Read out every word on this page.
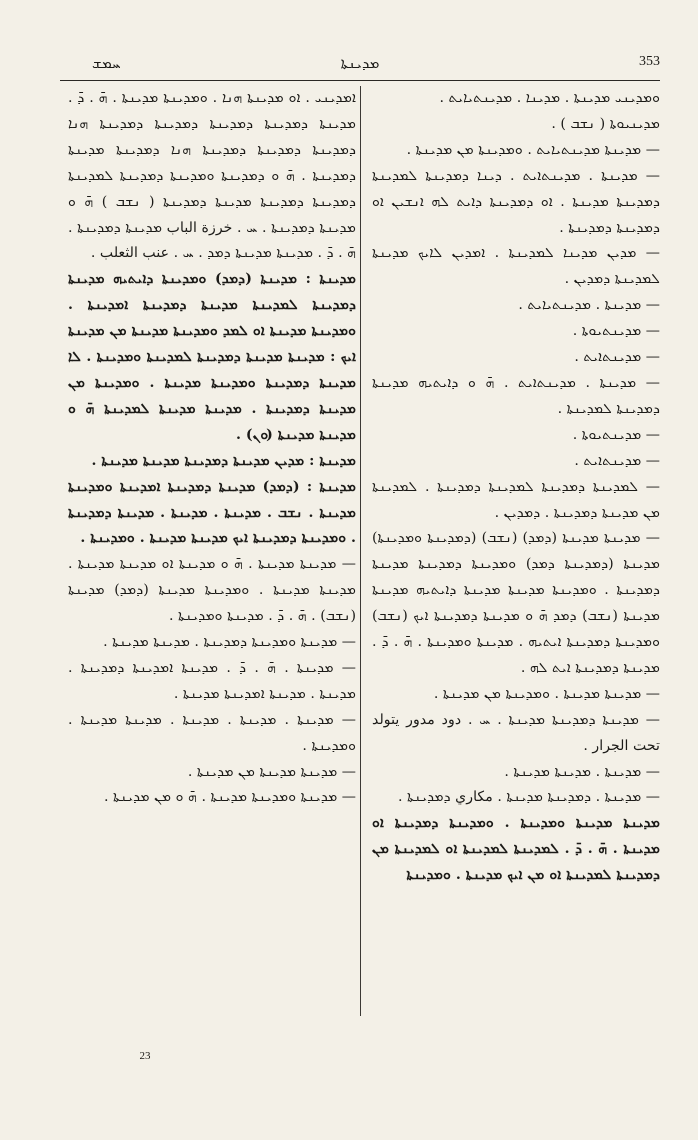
ܚܡܫ	ܡܕܝܢܬܐ	353

ܘܡܕܝܢܝ ܡܕܝܢܬܐ . ܡܕܝܢܐ . ܡܕܝܢܬܝܐܝܬ .

ܡܕܝܢܝܘܬܐ ( ܢܫܒ ) .

— ܡܕܝܢܬܐ ܡܕܝܢܬܝܐܝܬ . ܘܡܕܝܢܬܐ ܡܢ ܡܕܝܢܬܐ .

— ܡܕܝܢܬܐ . ܡܕܝܢܬܐܝܬ . ܕܝܢܐ ܕܡܕܝܢܬܐ ܠܡܕܝܢܬܐ ܕܡܕܝܢܬܐ ܡܕܝܢܬܐ . ܐܘ ܕܡܕܝܢܬܐ ܕܐܝܬ ܠܗ ܐܢܫܝܢ ܐܘ ܕܡܕܝܢܬܐ ܕܡܕܝܢܬܐ .

— ܡܕܝܢ ܡܕܝܢܐ ܠܡܕܝܢܬܐ . ܐܡܕܝܢ ܠܐܝܟ ܡܕܝܢܬܐ ܠܡܕܝܢܬܐ ܕܡܕܝܢ .

— ܡܕܝܢܬܐ . ܡܕܝܢܬܝܐܝܬ .

— ܡܕܝܢܬܝܘܬܐ .

— ܡܕܝܢܬܐܝܬ .

— ܡܕܝܢܬܐ . ܡܕܝܢܬܐܝܬ . ܗ̄ ܘ ܕܐܝܬܝܗ ܡܕܝܢܬܐ ܕܡܕܝܢܬܐ ܠܡܕܝܢܬܐ .

— ܡܕܝܢܬܝܘܬܐ .

— ܡܕܝܢܬܐܝܬ .

— ܠܡܕܝܢܬܐ ܕܡܕܝܢܬܐ ܠܡܕܝܢܬܐ ܕܡܕܝܢܬܐ . ܠܡܕܝܢܬܐ ܡܢ ܡܕܝܢܬܐ ܕܡܕܝܢܬܐ . ܕܡܕܝܢ .

— ܡܕܝܢܬܐ ܡܕܝܢܬܐ (ܕܡܕ) (ܢܫܒ) (ܕܡܕܝܢܬܐ ܘܡܕܝܢܬܐ) ܡܕܝܢܬܐ (ܕܡܕܝܢܬܐ ܕܡܕ) ܘܡܕܝܢܬܐ ܕܡܕܝܢܬܐ ܡܕܝܢܬܐ ܕܡܕܝܢܬܐ . ܘܡܕܝܢܬܐ ܡܕܝܢܬܐ ܡܕܝܢܬܐ ܕܐܝܬܝܗ ܡܕܝܢܬܐ ܡܕܝܢܬܐ (ܢܫܒ) ܕܡܕ ܗ̄ ܘ ܡܕܝܢܬܐ ܕܡܕܝܢܬܐ ܐܝܟ (ܢܫܒ) ܘܡܕܝܢܬܐ ܕܡܕܝܢܬܐ ܐܝܬܝܗ . ܡܕܝܢܬܐ ܘܡܕܝܢܬܐ . ܗ̄ . ܕ̄ . ܡܕܝܢܬܐ ܕܡܕܝܢܬܐ ܐܝܬ ܠܗ .

— ܡܕܝܢܬܐ ܡܕܝܢܬܐ . ܘܡܕܝܢܬܐ ܡܢ ܡܕܝܢܬܐ .

— ܡܕܝܢܬܐ ܕܡܕܝܢܬܐ ܡܕܝܢܬܐ . ܚ . دود مدور يتولد تحت الجرار .

— ܡܕܝܢܬܐ . ܡܕܝܢܬܐ ܡܕܝܢܬܐ .

— ܡܕܝܢܬܐ . ܕܡܕܝܢܬܐ ܡܕܝܢܬܐ . مكاري ܕܡܕܝܢܬܐ .

ܡܕܝܢܬܐ ܡܕܝܢܬܐ ܘܡܕܝܢܬܐ . ܘܡܕܝܢܬܐ ܕܡܕܝܢܬܐ ܐܘ ܡܕܝܢܬܐ . ܗ̄ . ܕ̄ . ܠܡܕܝܢܬܐ ܠܡܕܝܢܬܐ ܐܘ ܠܡܕܝܢܬܐ ܡܢ ܕܡܕܝܢܬܐ ܠܡܕܝܢܬܐ ܐܘ ܡܢ ܐܝܟ ܡܕܝܢܬܐ . ܘܡܕܝܢܬܐ

ܐܡܕܝܢܝ . ܐܘ ܡܕܝܢܬܐ ܗܢܐ . ܘܡܕܝܢܬܐ ܡܕܝܢܬܐ . ܗ̄ . ܕ̄ . ܡܕܝܢܬܐ ܕܡܕܝܢܬܐ ܕܡܕܝܢܬܐ ܕܡܕܝܢܬܐ ܕܡܕܝܢܬܐ ܗܢܐ ܕܡܕܝܢܬܐ ܕܡܕܝܢܬܐ ܕܡܕܝܢܬܐ ܗܢܐ ܕܡܕܝܢܬܐ ܡܕܝܢܬܐ ܕܡܕܝܢܬܐ . ܗ̄ ܘ ܕܡܕܝܢܬܐ ܘܡܕܝܢܬܐ ܕܡܕܝܢܬܐ ܠܡܕܝܢܬܐ ܕܡܕܝܢܬܐ ܕܡܕܝܢܬܐ ܡܕܝܢܬܐ ܕܡܕܝܢܬܐ ( ܢܫܒ ) ܗ̄ ܘ ܡܕܝܢܬܐ ܕܡܕܝܢܬܐ . ܚ . خرزة الباب ܡܕܝܢܬܐ ܕܡܕܝܢܬܐ . ܗ̄ . ܕ̄ . ܡܕܝܢܬܐ ܡܕܝܢܬܐ ܕܡܕ . ܚ . عنب الثعلب .

ܡܕܝܢܬܐ : ܡܕܝܢܬܐ (ܕܡܕ) ܘܡܕܝܢܬܐ ܕܐܝܬܝܗ ܡܕܝܢܬܐ ܕܡܕܝܢܬܐ ܠܡܕܝܢܬܐ ܡܕܝܢܬܐ ܕܡܕܝܢܬܐ ܐܡܕܝܢܬܐ . ܘܡܕܝܢܬܐ ܡܕܝܢܬܐ ܐܘ ܠܡܕ ܘܡܕܝܢܬܐ ܡܕܝܢܬܐ ܡܢ ܡܕܝܢܬܐ ܐܝܟ : ܡܕܝܢܬܐ ܡܕܝܢܬܐ ܕܡܕܝܢܬܐ ܠܡܕܝܢܬܐ ܘܡܕܝܢܬܐ . ܠܐ ܡܕܝܢܬܐ ܕܡܕܝܢܬܐ ܘܡܕܝܢܬܐ ܡܕܝܢܬܐ . ܘܡܕܝܢܬܐ ܡܢ ܡܕܝܢܬܐ ܕܡܕܝܢܬܐ . ܡܕܝܢܬܐ ܡܕܝܢܬܐ ܠܡܕܝܢܬܐ ܗ̄ ܘ ܡܕܝܢܬܐ ܡܕܝܢܬܐ (ܘܢ) .

ܡܕܝܢܬܐ : ܡܕܝܢ ܡܕܝܢܬܐ ܕܡܕܝܢܬܐ ܡܕܝܢܬܐ ܡܕܝܢܬܐ .

ܡܕܝܢܬܐ : (ܕܡܕ) ܡܕܝܢܬܐ ܕܡܕܝܢܬܐ ܐܡܕܝܢܬܐ ܘܡܕܝܢܬܐ ܡܕܝܢܬܐ . ܢܫܒ . ܡܕܝܢܬܐ . ܡܕܝܢܬܐ . ܡܕܝܢܬܐ ܕܡܕܝܢܬܐ . ܘܡܕܝܢܬܐ ܕܡܕܝܢܬܐ ܐܝܟ ܡܕܝܢܬܐ ܡܕܝܢܬܐ . ܘܡܕܝܢܬܐ .

— ܡܕܝܢܬܐ ܡܕܝܢܬܐ . ܗ̄ ܘ ܡܕܝܢܬܐ ܐܘ ܡܕܝܢܬܐ ܡܕܝܢܬܐ . ܡܕܝܢܬܐ ܡܕܝܢܬܐ . ܘܡܕܝܢܬܐ ܡܕܝܢܬܐ (ܕܡܕ) ܡܕܝܢܬܐ (ܢܫܒ) . ܗ̄ . ܕ̄ . ܡܕܝܢܬܐ ܘܡܕܝܢܬܐ .

— ܡܕܝܢܬܐ ܘܡܕܝܢܬܐ ܕܡܕܝܢܬܐ . ܡܕܝܢܬܐ ܡܕܝܢܬܐ .

— ܡܕܝܢܬܐ . ܗ̄ . ܕ̄ . ܡܕܝܢܬܐ ܐܡܕܝܢܬܐ ܕܡܕܝܢܬܐ . ܡܕܝܢܬܐ . ܡܕܝܢܬܐ ܐܡܕܝܢܬܐ ܡܕܝܢܬܐ .

— ܡܕܝܢܬܐ . ܡܕܝܢܬܐ . ܡܕܝܢܬܐ . ܡܕܝܢܬܐ ܡܕܝܢܬܐ . ܘܡܕܝܢܬܐ .

— ܡܕܝܢܬܐ ܡܕܝܢܬܐ ܡܢ ܡܕܝܢܬܐ .

— ܡܕܝܢܬܐ ܘܡܕܝܢܬܐ ܡܕܝܢܬܐ . ܗ̄ ܘ ܡܢ ܡܕܝܢܬܐ .

23
